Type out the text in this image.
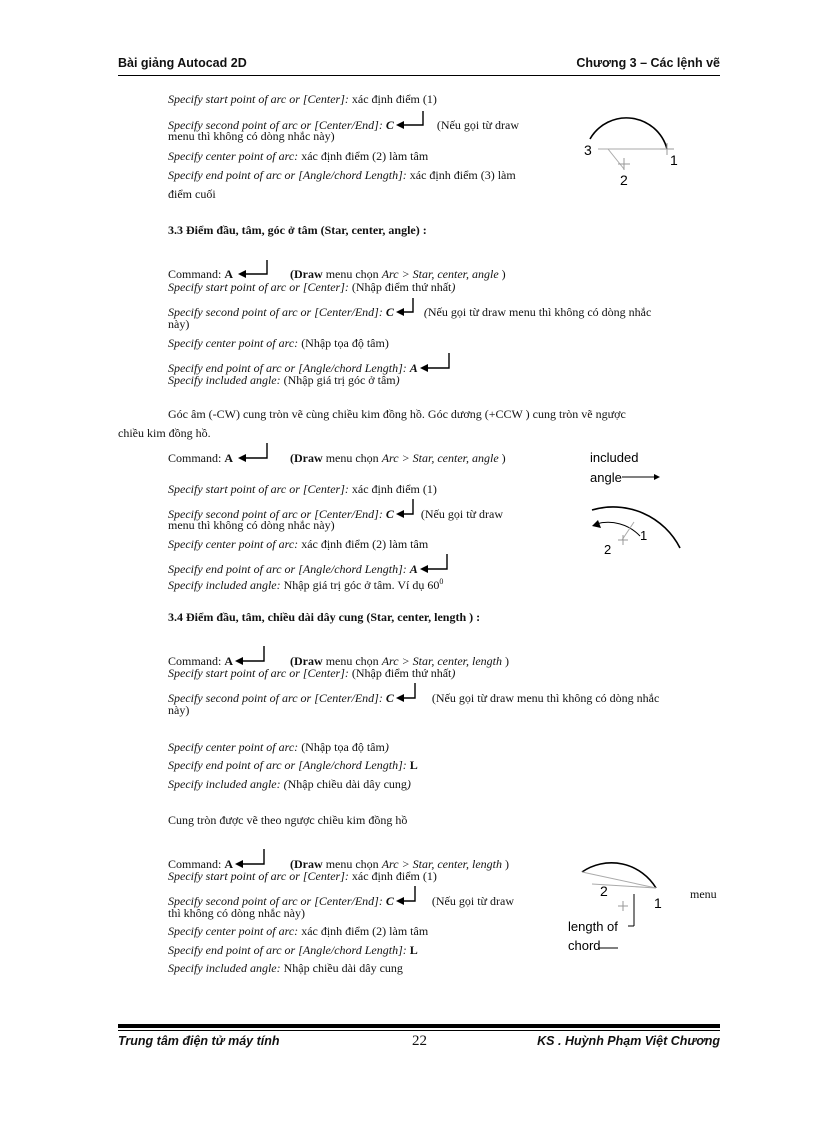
Bài giảng Autocad 2D	Chương 3 – Các lệnh vẽ
Specify start point of arc or [Center]: xác định điểm (1)
Specify second point of arc or [Center/End]: C	(Nếu gọi từ draw
menu thì không có dòng nhắc này)
Specify center point of arc: xác định điểm (2) làm tâm
Specify end point of arc or [Angle/chord Length]: xác định điểm (3) làm
điểm cuối
3
2
1
3.3 Điểm đầu, tâm, góc ở tâm (Star, center, angle) :
Command: A	(Draw menu chọn Arc > Star, center, angle )
Specify start point of arc or [Center]: (Nhập điểm thứ nhất)
Specify second point of arc or [Center/End]: C	(Nếu gọi từ draw menu thì không có dòng nhắc
này)
Specify center point of arc: (Nhập tọa độ tâm)
Specify end point of arc or [Angle/chord Length]: A
Specify included angle: (Nhập giá trị góc ở tâm)
Góc âm (-CW) cung tròn vẽ cùng chiều kim đồng hồ. Góc dương (+CCW ) cung tròn vẽ ngược
chiều kim đồng hồ.
Command: A	(Draw menu chọn Arc > Star, center, angle )
Specify start point of arc or [Center]: xác định điểm (1)
Specify second point of arc or [Center/End]: C (Nếu gọi từ draw
menu thì không có dòng nhắc này)
Specify center point of arc: xác định điểm (2) làm tâm
Specify end point of arc or [Angle/chord Length]: A
Specify included angle: Nhập giá trị góc ở tâm. Ví dụ $60^0$
included
angle
2
1
3.4 Điểm đầu, tâm, chiều dài dây cung (Star, center, length ) :
Command: A	(Draw menu chọn Arc > Star, center, length )
Specify start point of arc or [Center]: (Nhập điểm thứ nhất)
Specify second point of arc or [Center/End]: C	(Nếu gọi từ draw menu thì không có dòng nhắc
này)
Specify center point of arc: (Nhập tọa độ tâm)
Specify end point of arc or [Angle/chord Length]: L
Specify included angle: (Nhập chiều dài dây cung)
Cung tròn được vẽ theo ngược chiều kim đồng hồ
Command: A	(Draw menu chọn Arc > Star, center, length )
Specify start point of arc or [Center]: xác định điểm (1)
Specify second point of arc or [Center/End]: C	(Nếu gọi từ draw	menu
thì không có dòng nhắc này)
Specify center point of arc: xác định điểm (2) làm tâm
Specify end point of arc or [Angle/chord Length]: L
Specify included angle: Nhập chiều dài dây cung
2
1
length of
chord
Trung tâm điện tử máy tính	22	KS . Huỳnh Phạm Việt Chương
